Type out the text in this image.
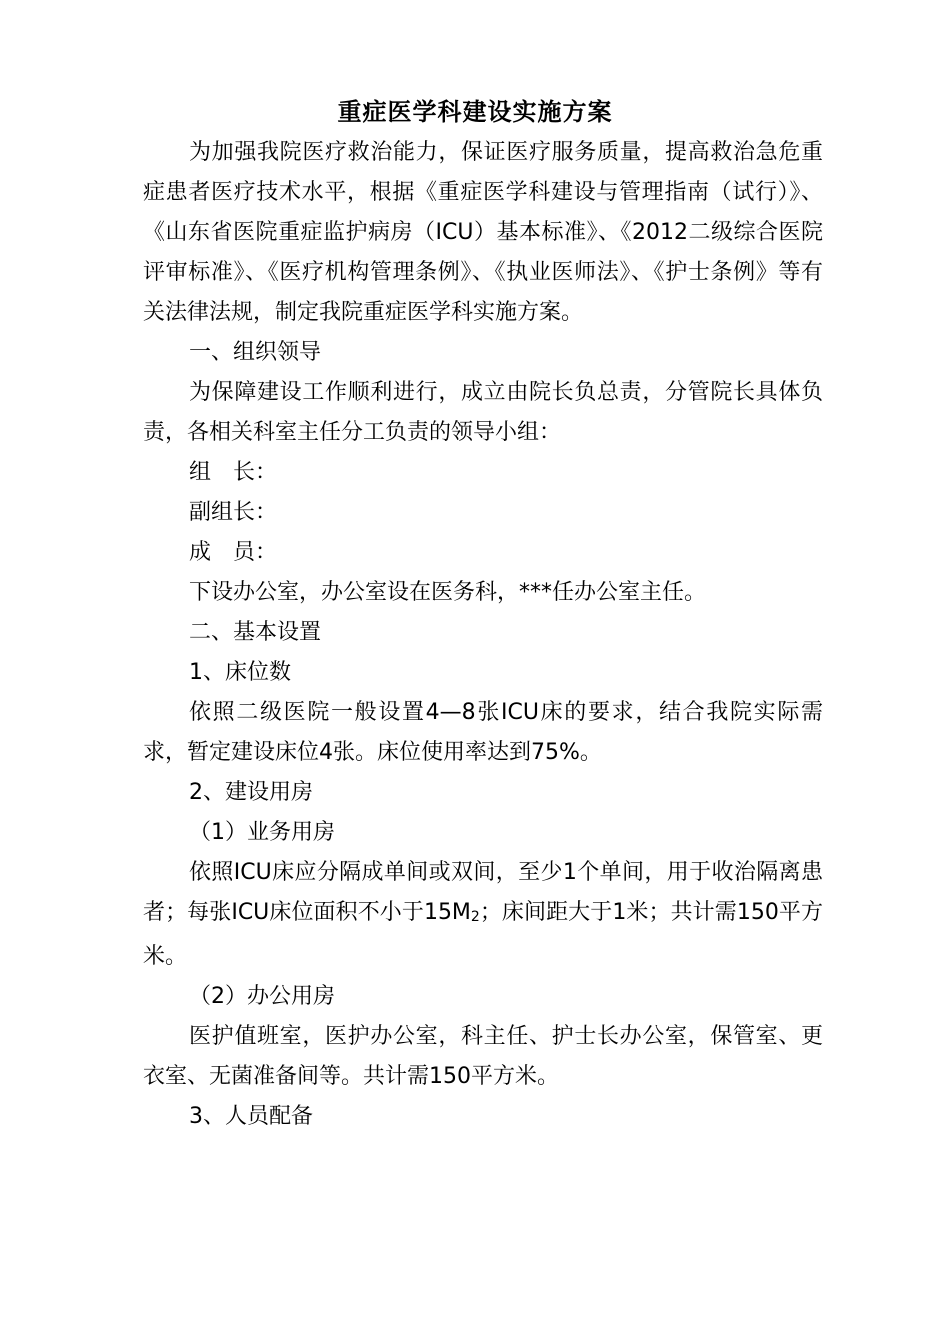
重症医学科建设实施方案

为加强我院医疗救治能力，保证医疗服务质量，提高救治急危重症患者医疗技术水平，根据《重症医学科建设与管理指南（试行）》、《山东省医院重症监护病房（ICU）基本标准》、《2012二级综合医院评审标准》、《医疗机构管理条例》、《执业医师法》、《护士条例》等有关法律法规，制定我院重症医学科实施方案。

一、组织领导

为保障建设工作顺利进行，成立由院长负总责，分管院长具体负责，各相关科室主任分工负责的领导小组：

组　长：

副组长：

成　员：

下设办公室，办公室设在医务科，***任办公室主任。

二、基本设置

1、床位数

依照二级医院一般设置4—8张ICU床的要求，结合我院实际需求，暂定建设床位4张。床位使用率达到75%。

2、建设用房

（1）业务用房

依照ICU床应分隔成单间或双间，至少1个单间，用于收治隔离患者；每张ICU床位面积不小于15M2；床间距大于1米；共计需150平方米。

（2）办公用房

医护值班室，医护办公室，科主任、护士长办公室，保管室、更衣室、无菌准备间等。共计需150平方米。

3、人员配备
